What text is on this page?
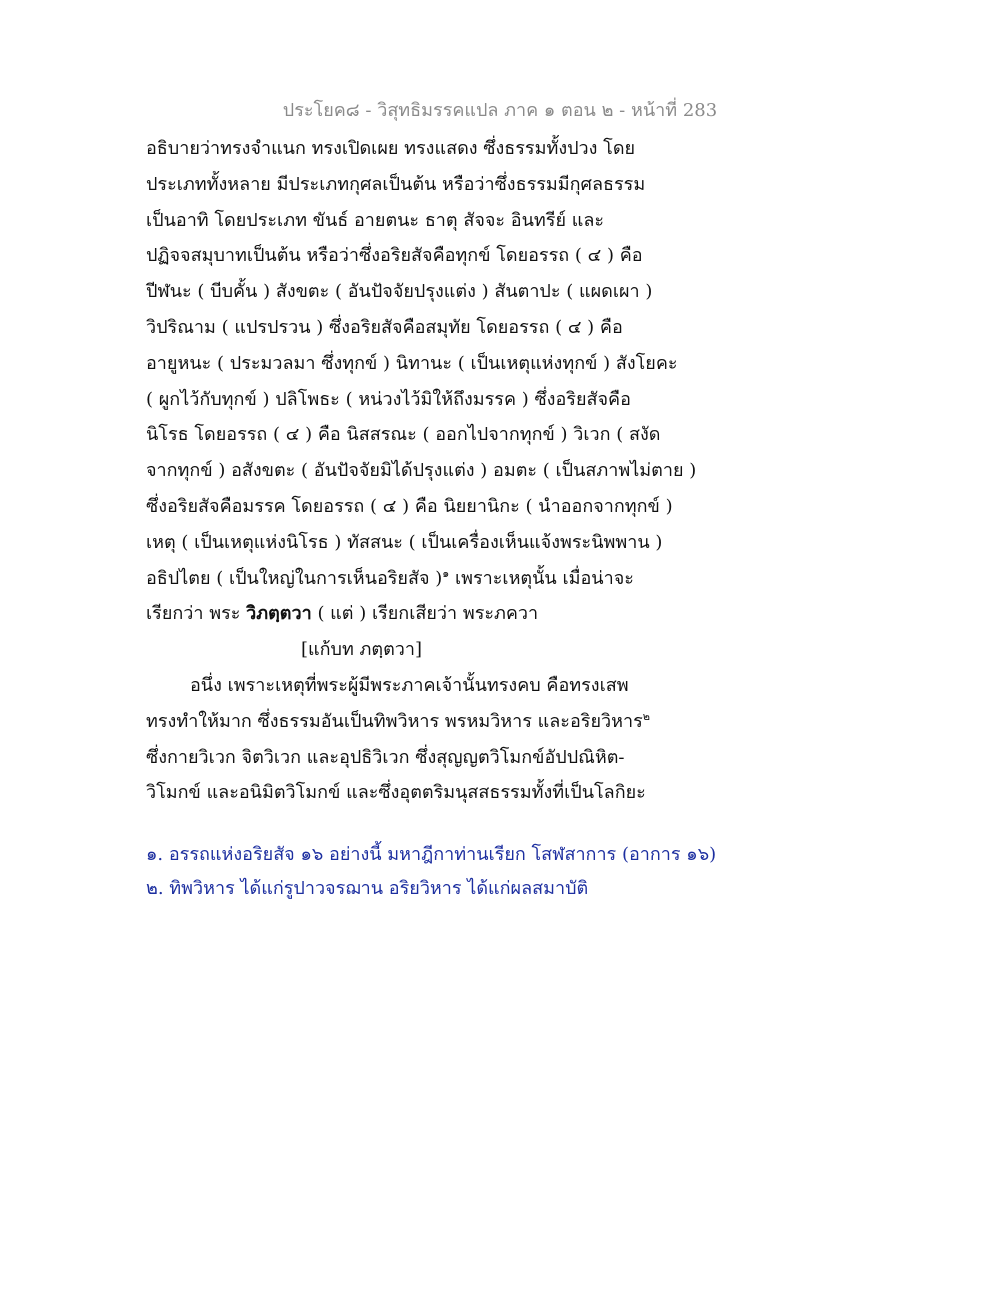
ประโยค๘ - วิสุทธิมรรคแปล ภาค ๑ ตอน ๒ - หน้าที่ 283
อธิบายว่าทรงจำแนก ทรงเปิดเผย ทรงแสดง ซึ่งธรรมทั้งปวง โดย
ประเภททั้งหลาย มีประเภทกุศลเป็นต้น หรือว่าซึ่งธรรมมีกุศลธรรม
เป็นอาทิ โดยประเภท ขันธ์ อายตนะ ธาตุ สัจจะ อินทรีย์ และ
ปฏิจจสมุบาทเป็นต้น หรือว่าซึ่งอริยสัจคือทุกข์ โดยอรรถ ( ๔ ) คือ
ปีฬนะ ( บีบคั้น ) สังขตะ ( อันปัจจัยปรุงแต่ง ) สันตาปะ ( แผดเผา )
วิปริณาม ( แปรปรวน ) ซึ่งอริยสัจคือสมุทัย โดยอรรถ ( ๔ ) คือ
อายูหนะ ( ประมวลมา ซึ่งทุกข์ ) นิทานะ ( เป็นเหตุแห่งทุกข์ ) สังโยคะ
( ผูกไว้กับทุกข์ ) ปลิโพธะ ( หน่วงไว้มิให้ถึงมรรค ) ซึ่งอริยสัจคือ
นิโรธ โดยอรรถ ( ๔ ) คือ นิสสรณะ ( ออกไปจากทุกข์ ) วิเวก ( สงัด
จากทุกข์ ) อสังขตะ ( อันปัจจัยมิได้ปรุงแต่ง ) อมตะ ( เป็นสภาพไม่ตาย )
ซึ่งอริยสัจคือมรรค โดยอรรถ ( ๔ ) คือ นิยยานิกะ ( นำออกจากทุกข์ )
เหตุ ( เป็นเหตุแห่งนิโรธ ) ทัสสนะ ( เป็นเครื่องเห็นแจ้งพระนิพพาน )
อธิปไตย ( เป็นใหญ่ในการเห็นอริยสัจ )$^๑$ เพราะเหตุนั้น เมื่อน่าจะ
เรียกว่า พระ วิภตฺตวา ( แต่ ) เรียกเสียว่า พระภควา
[แก้บท ภตฺตวา]
อนึ่ง เพราะเหตุที่พระผู้มีพระภาคเจ้านั้นทรงคบ คือทรงเสพ
ทรงทำให้มาก ซึ่งธรรมอันเป็นทิพวิหาร พรหมวิหาร และอริยวิหาร$^๒$
ซึ่งกายวิเวก จิตวิเวก และอุปธิวิเวก ซึ่งสุญญตวิโมกข์อัปปณิหิต-
วิโมกข์ และอนิมิตวิโมกข์ และซึ่งอุตตริมนุสสธรรมทั้งที่เป็นโลกิยะ
๑. อรรถแห่งอริยสัจ ๑๖ อย่างนี้ มหาฎีกาท่านเรียก โสฬสาการ (อาการ ๑๖)
๒. ทิพวิหาร ได้แก่รูปาวจรฌาน อริยวิหาร ได้แก่ผลสมาบัติ
